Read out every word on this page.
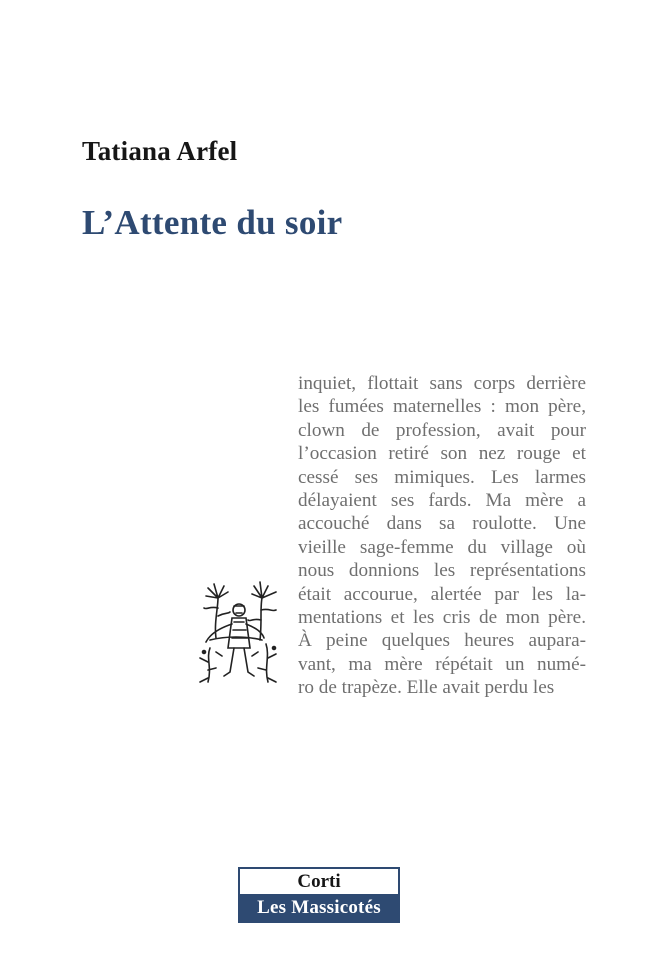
Tatiana Arfel
L’Attente du soir
inquiet, flottait sans corps derrière
les fumées maternelles : mon père,
clown de profession, avait pour
l’occasion retiré son nez rouge et
cessé ses mimiques. Les larmes
délayaient ses fards. Ma mère a
accouché dans sa roulotte. Une
vieille sage-femme du village où
nous donnions les représentations
était accourue, alertée par les la-
mentations et les cris de mon père.
À peine quelques heures aupara-
vant, ma mère répétait un numé-
ro de trapèze. Elle avait perdu les
Corti
Les Massicotés
